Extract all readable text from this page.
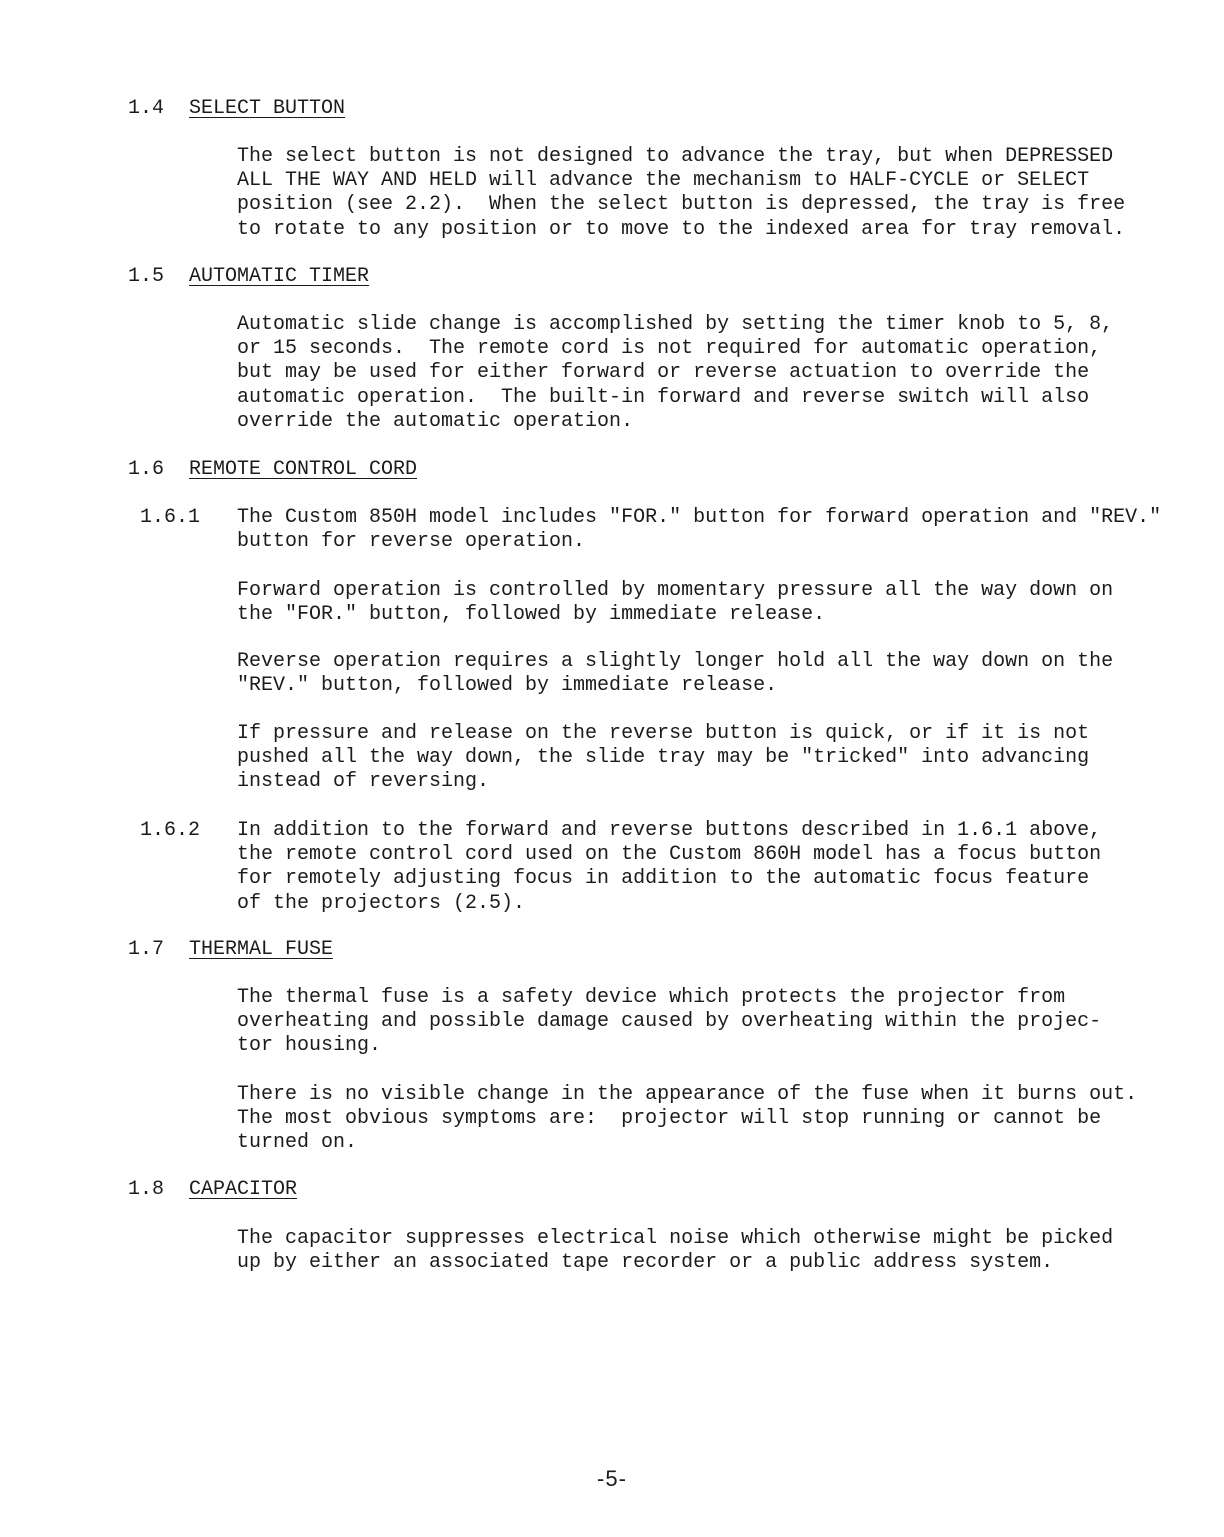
1.4 SELECT BUTTON

The select button is not designed to advance the tray, but when DEPRESSED
ALL THE WAY AND HELD will advance the mechanism to HALF-CYCLE or SELECT
position (see 2.2).  When the select button is depressed, the tray is free
to rotate to any position or to move to the indexed area for tray removal.

1.5 AUTOMATIC TIMER

Automatic slide change is accomplished by setting the timer knob to 5, 8,
or 15 seconds.  The remote cord is not required for automatic operation,
but may be used for either forward or reverse actuation to override the
automatic operation.  The built-in forward and reverse switch will also
override the automatic operation.

1.6 REMOTE CONTROL CORD
1.6.1 The Custom 850H model includes "FOR." button for forward operation and "REV."
button for reverse operation.

Forward operation is controlled by momentary pressure all the way down on
the "FOR." button, followed by immediate release.

Reverse operation requires a slightly longer hold all the way down on the
"REV." button, followed by immediate release.

If pressure and release on the reverse button is quick, or if it is not
pushed all the way down, the slide tray may be "tricked" into advancing
instead of reversing.

1.6.2 In addition to the forward and reverse buttons described in 1.6.1 above,
the remote control cord used on the Custom 860H model has a focus button
for remotely adjusting focus in addition to the automatic focus feature
of the projectors (2.5).

1.7 THERMAL FUSE

The thermal fuse is a safety device which protects the projector from
overheating and possible damage caused by overheating within the projec-
tor housing.

There is no visible change in the appearance of the fuse when it burns out.
The most obvious symptoms are:  projector will stop running or cannot be
turned on.

1.8 CAPACITOR

The capacitor suppresses electrical noise which otherwise might be picked
up by either an associated tape recorder or a public address system.

-5-
